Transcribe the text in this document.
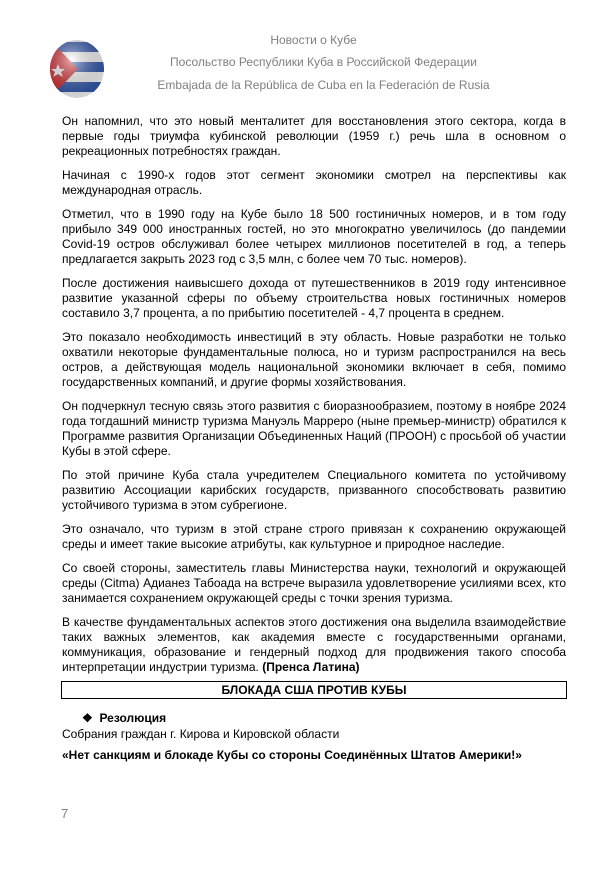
Новости о Кубе
Посольство Республики Куба в Российской Федерации
Embajada de la República de Cuba en la Federación de Rusia

Он напомнил, что это новый менталитет для восстановления этого сектора, когда в первые годы триумфа кубинской революции (1959 г.) речь шла в основном о рекреационных потребностях граждан.

Начиная с 1990-х годов этот сегмент экономики смотрел на перспективы как международная отрасль.

Отметил, что в 1990 году на Кубе было 18 500 гостиничных номеров, и в том году прибыло 349 000 иностранных гостей, но это многократно увеличилось (до пандемии Covid-19 остров обслуживал более четырех миллионов посетителей в год, а теперь предлагается закрыть 2023 год с 3,5 млн, с более чем 70 тыс. номеров).

После достижения наивысшего дохода от путешественников в 2019 году интенсивное развитие указанной сферы по объему строительства новых гостиничных номеров составило 3,7 процента, а по прибытию посетителей - 4,7 процента в среднем.

Это показало необходимость инвестиций в эту область. Новые разработки не только охватили некоторые фундаментальные полюса, но и туризм распространился на весь остров, а действующая модель национальной экономики включает в себя, помимо государственных компаний, и другие формы хозяйствования.

Он подчеркнул тесную связь этого развития с биоразнообразием, поэтому в ноябре 2024 года тогдашний министр туризма Мануэль Марреро (ныне премьер-министр) обратился к Программе развития Организации Объединенных Наций (ПРООН) с просьбой об участии Кубы в этой сфере.

По этой причине Куба стала учредителем Специального комитета по устойчивому развитию Ассоциации карибских государств, призванного способствовать развитию устойчивого туризма в этом субрегионе.

Это означало, что туризм в этой стране строго привязан к сохранению окружающей среды и имеет такие высокие атрибуты, как культурное и природное наследие.

Со своей стороны, заместитель главы Министерства науки, технологий и окружающей среды (Citma) Адианез Табоада на встрече выразила удовлетворение усилиями всех, кто занимается сохранением окружающей среды с точки зрения туризма.

В качестве фундаментальных аспектов этого достижения она выделила взаимодействие таких важных элементов, как академия вместе с государственными органами, коммуникация, образование и гендерный подход для продвижения такого способа интерпретации индустрии туризма. (Пренса Латина)

БЛОКАДА США ПРОТИВ КУБЫ
❖ Резолюция
Собрания граждан г. Кирова и Кировской области
«Нет санкциям и блокаде Кубы со стороны Соединённых Штатов Америки!»
7
